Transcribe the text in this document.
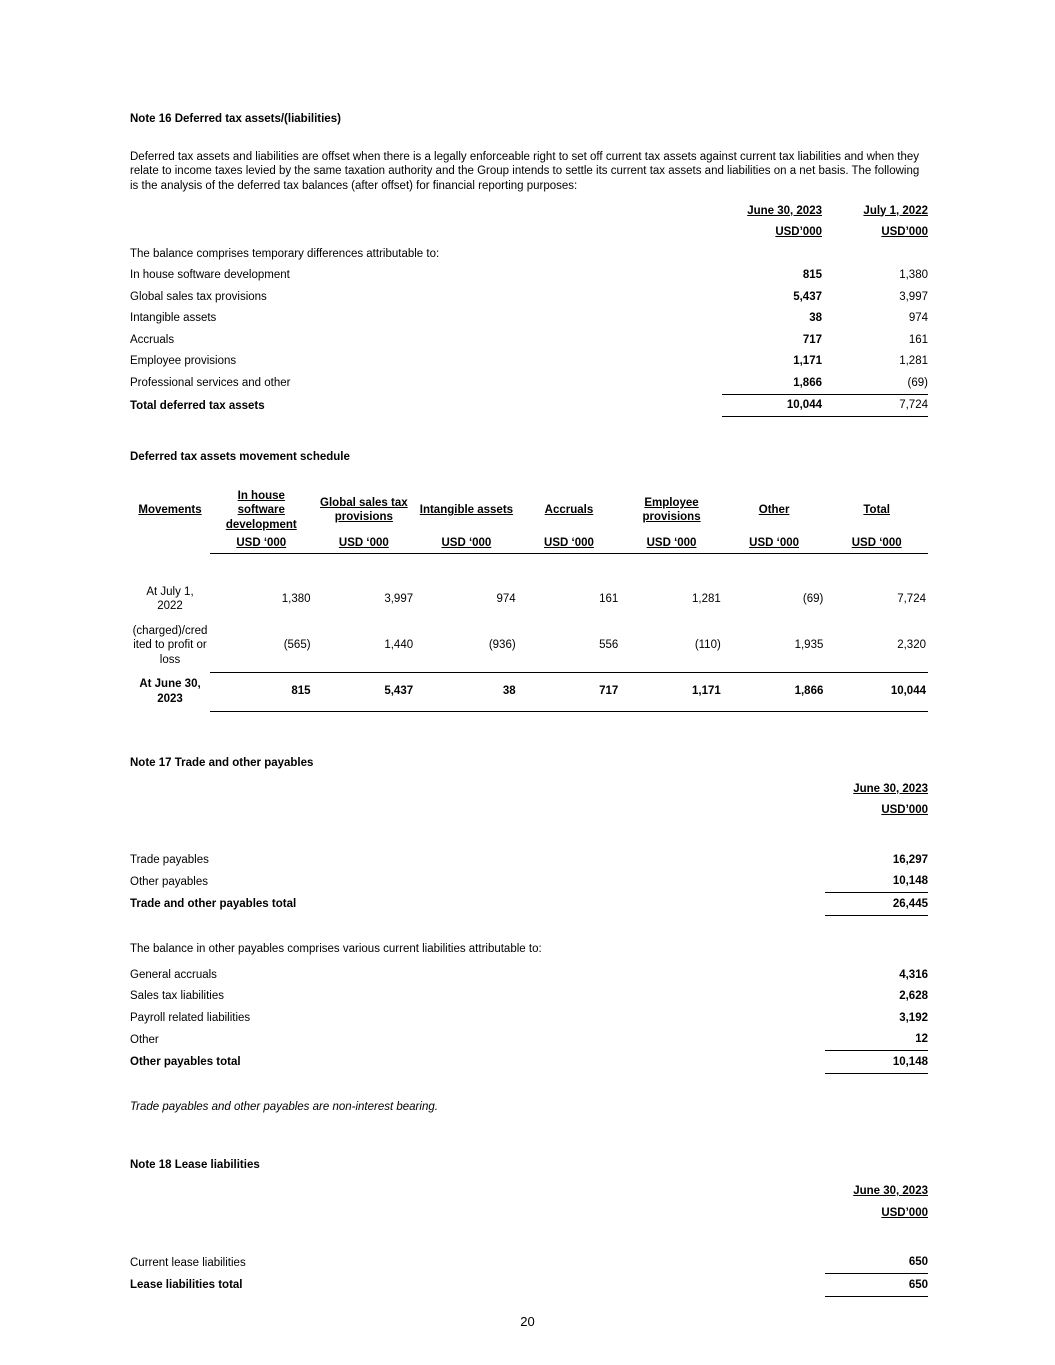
Note 16 Deferred tax assets/(liabilities)

Deferred tax assets and liabilities are offset when there is a legally enforceable right to set off current tax assets against current tax liabilities and when they relate to income taxes levied by the same taxation authority and the Group intends to settle its current tax assets and liabilities on a net basis. The following is the analysis of the deferred tax balances (after offset) for financial reporting purposes:

	June 30, 2023	July 1, 2022
	USD’000	USD’000
The balance comprises temporary differences attributable to:		
In house software development	815	1,380
Global sales tax provisions	5,437	3,997
Intangible assets	38	974
Accruals	717	161
Employee provisions	1,171	1,281
Professional services and other	1,866	(69)
Total deferred tax assets	10,044	7,724
Deferred tax assets movement schedule
Movements	In house software development	Global sales tax provisions	Intangible assets	Accruals	Employee provisions	Other	Total
	USD ‘000	USD ‘000	USD ‘000	USD ‘000	USD ‘000	USD ‘000	USD ‘000

At July 1, 2022	1,380	3,997	974	161	1,281	(69)	7,724
(charged)/credited to profit or loss	(565)	1,440	(936)	556	(110)	1,935	2,320
At June 30, 2023	815	5,437	38	717	1,171	1,866	10,044
Note 17 Trade and other payables
	June 30, 2023
	USD’000

Trade payables	16,297
Other payables	10,148
Trade and other payables total	26,445

The balance in other payables comprises various current liabilities attributable to:

General accruals	4,316
Sales tax liabilities	2,628
Payroll related liabilities	3,192
Other	12
Other payables total	10,148

Trade payables and other payables are non-interest bearing.

Note 18 Lease liabilities
	June 30, 2023
	USD’000

Current lease liabilities	650
Lease liabilities total	650
20
